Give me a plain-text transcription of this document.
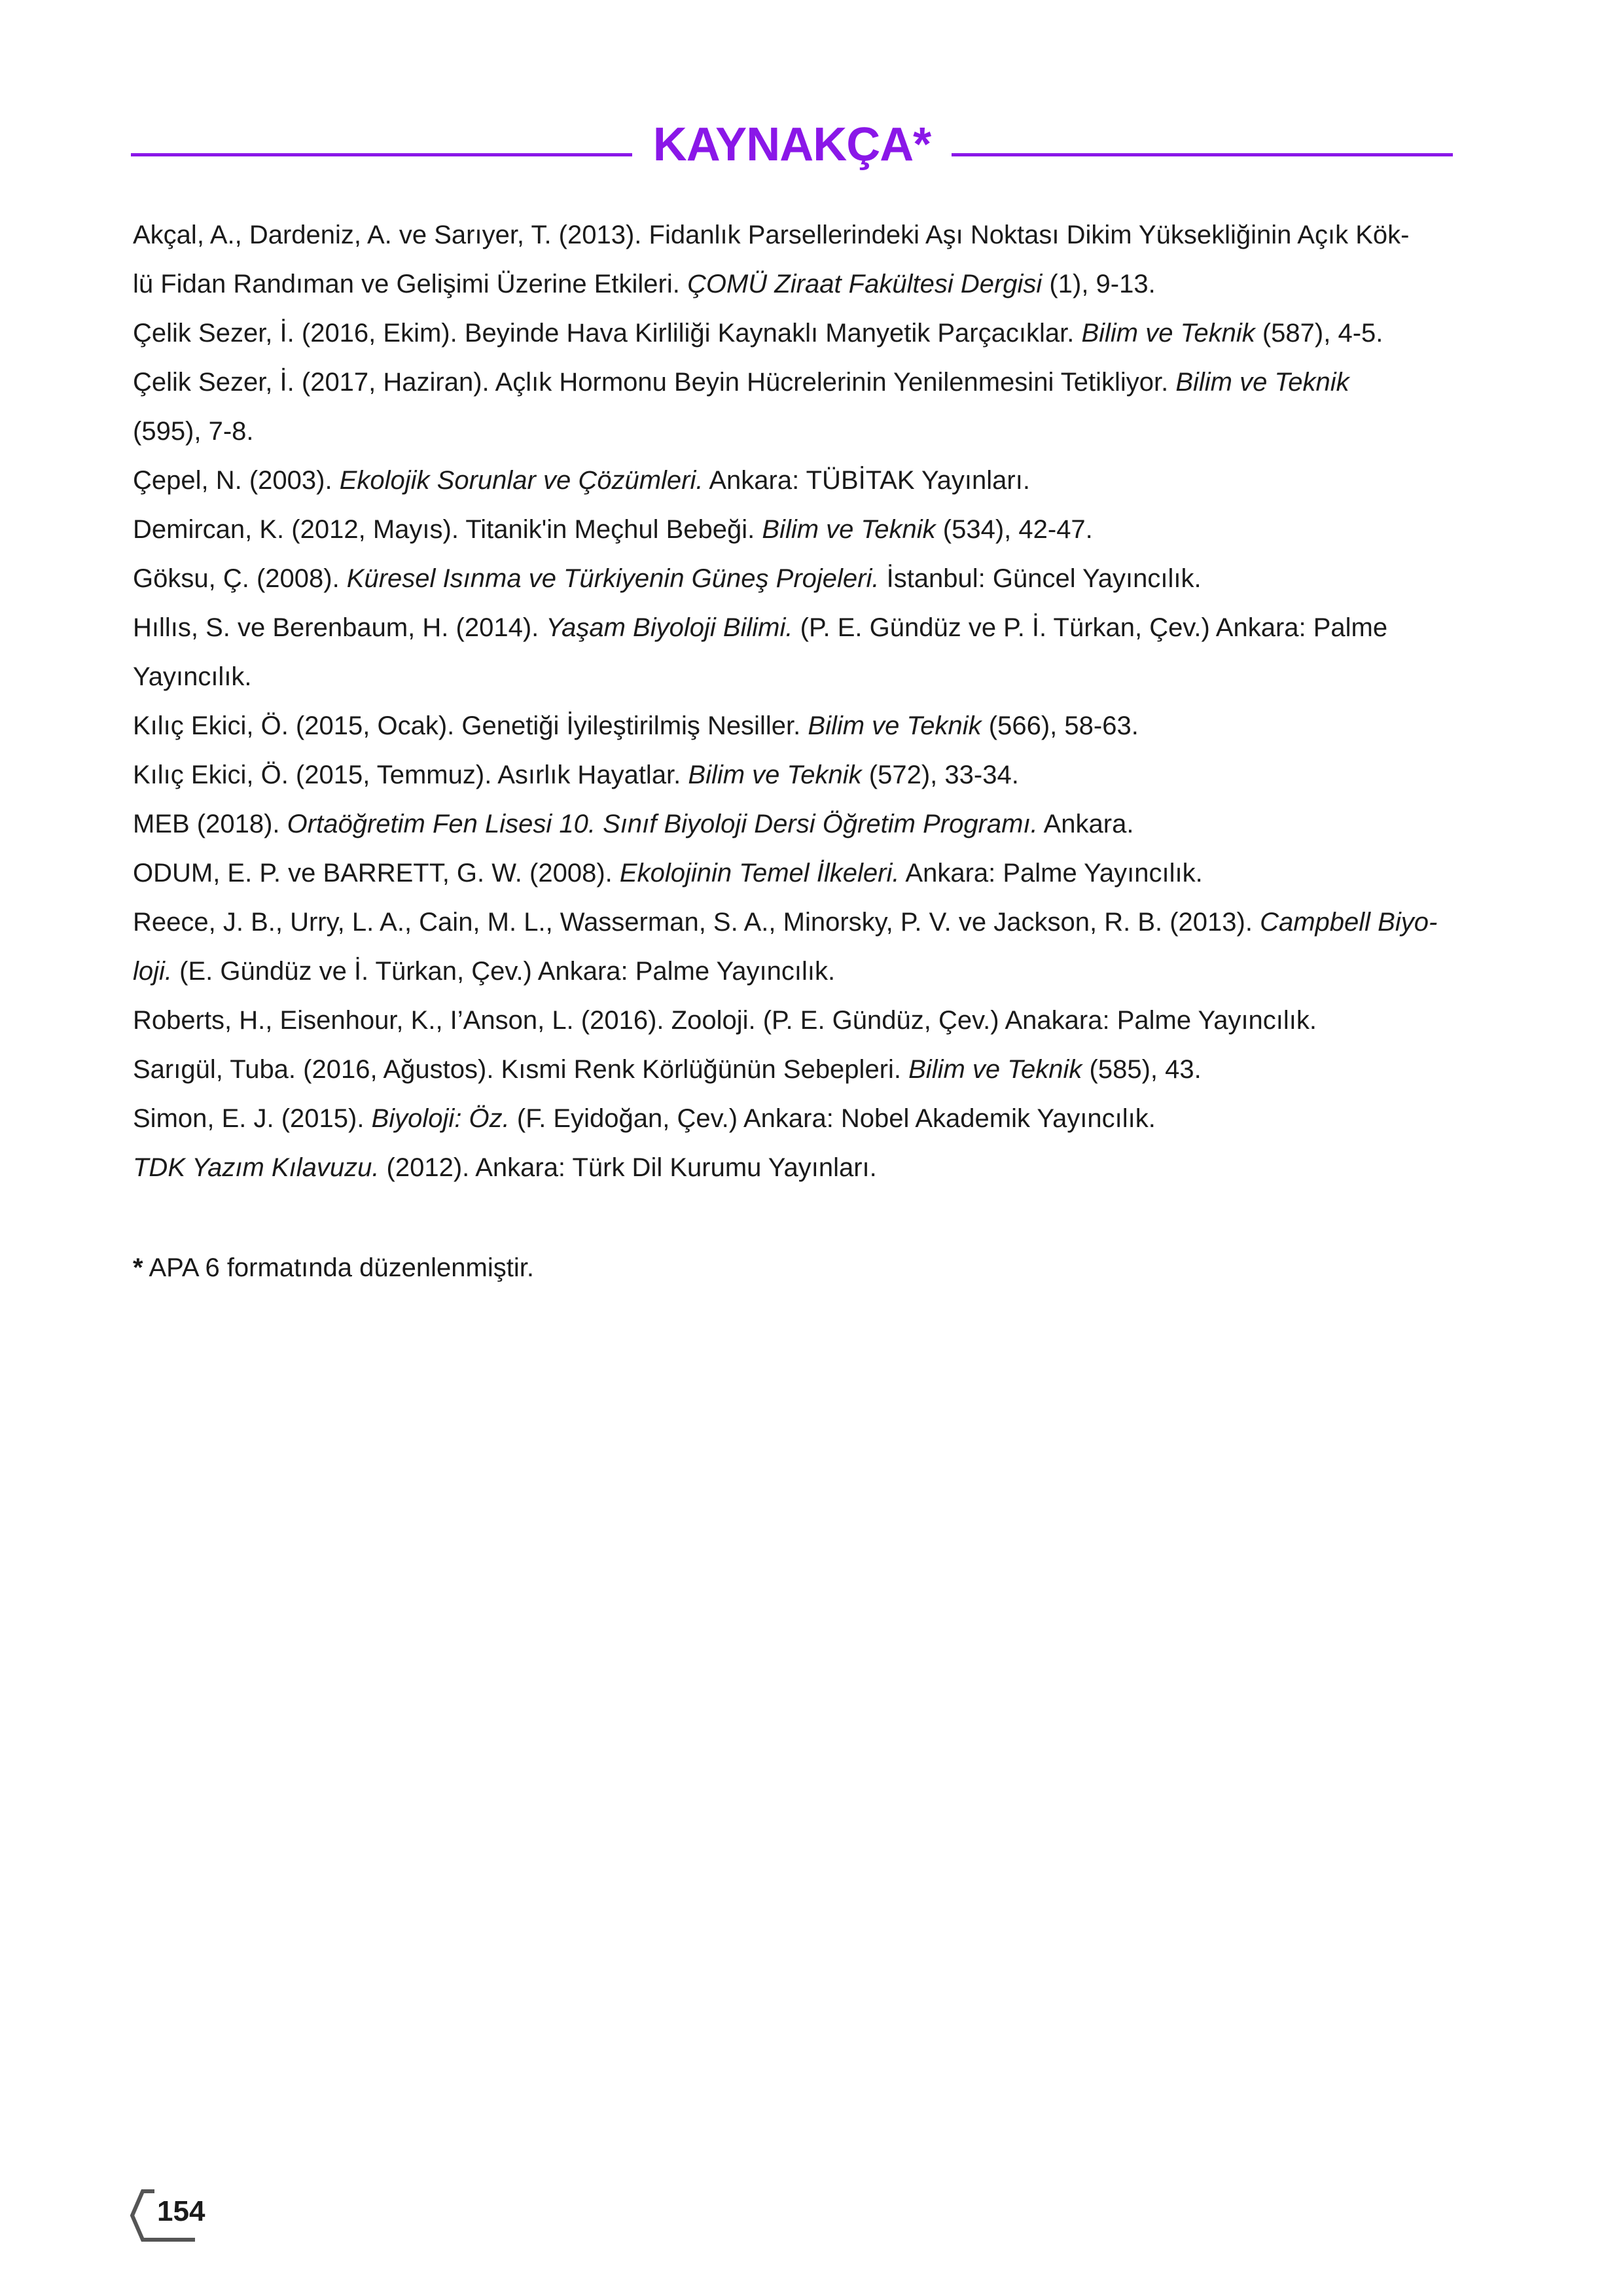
KAYNAKÇA*
Akçal, A., Dardeniz, A. ve Sarıyer, T. (2013). Fidanlık Parsellerindeki Aşı Noktası Dikim Yüksekliğinin Açık Kök-
lü Fidan Randıman ve Gelişimi Üzerine Etkileri. ÇOMÜ Ziraat Fakültesi Dergisi (1), 9-13.
Çelik Sezer, İ. (2016, Ekim). Beyinde Hava Kirliliği Kaynaklı Manyetik Parçacıklar. Bilim ve Teknik (587), 4-5.
Çelik Sezer, İ. (2017, Haziran). Açlık Hormonu Beyin Hücrelerinin Yenilenmesini Tetikliyor. Bilim ve Teknik
(595), 7-8.
Çepel, N. (2003). Ekolojik Sorunlar ve Çözümleri. Ankara: TÜBİTAK Yayınları.
Demircan, K. (2012, Mayıs). Titanik'in Meçhul Bebeği. Bilim ve Teknik (534), 42-47.
Göksu, Ç. (2008). Küresel Isınma ve Türkiyenin Güneş Projeleri. İstanbul: Güncel Yayıncılık.
Hıllıs, S. ve Berenbaum, H. (2014). Yaşam Biyoloji Bilimi. (P. E. Gündüz ve P. İ. Türkan, Çev.) Ankara: Palme
Yayıncılık.
Kılıç Ekici, Ö. (2015, Ocak). Genetiği İyileştirilmiş Nesiller. Bilim ve Teknik (566), 58-63.
Kılıç Ekici, Ö. (2015, Temmuz). Asırlık Hayatlar. Bilim ve Teknik (572), 33-34.
MEB (2018). Ortaöğretim Fen Lisesi 10. Sınıf Biyoloji Dersi Öğretim Programı. Ankara.
ODUM, E. P. ve BARRETT, G. W. (2008). Ekolojinin Temel İlkeleri. Ankara: Palme Yayıncılık.
Reece, J. B., Urry, L. A., Cain, M. L., Wasserman, S. A., Minorsky, P. V. ve Jackson, R. B. (2013). Campbell Biyo-
loji. (E. Gündüz ve İ. Türkan, Çev.) Ankara: Palme Yayıncılık.
Roberts, H., Eisenhour, K., I’Anson, L. (2016). Zooloji. (P. E. Gündüz, Çev.) Anakara: Palme Yayıncılık.
Sarıgül, Tuba. (2016, Ağustos). Kısmi Renk Körlüğünün Sebepleri. Bilim ve Teknik (585), 43.
Simon, E. J. (2015). Biyoloji: Öz. (F. Eyidoğan, Çev.) Ankara: Nobel Akademik Yayıncılık.
TDK Yazım Kılavuzu. (2012). Ankara: Türk Dil Kurumu Yayınları.
* APA 6 formatında düzenlenmiştir.
154
